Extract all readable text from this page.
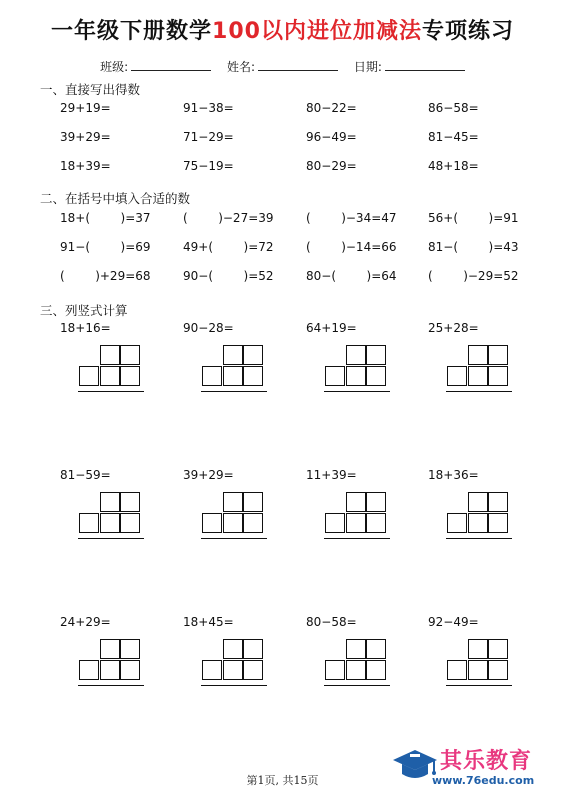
一年级下册数学100以内进位加减法专项练习
班级:	姓名:	日期:
一、直接写出得数
29+19=	91−38=	80−22=	86−58=
39+29=	71−29=	96−49=	81−45=
18+39=	75−19=	80−29=	48+18=
二、在括号中填入合适的数
18+(        )=37	(        )−27=39	(        )−34=47	56+(        )=91
91−(        )=69	49+(        )=72	(        )−14=66	81−(        )=43
(        )+29=68	90−(        )=52	80−(        )=64	(        )−29=52
三、列竖式计算
18+16=	90−28=	64+19=	25+28=
81−59=	39+29=	11+39=	18+36=
24+29=	18+45=	80−58=	92−49=
第1页, 共15页
其乐教育
www.76edu.com
